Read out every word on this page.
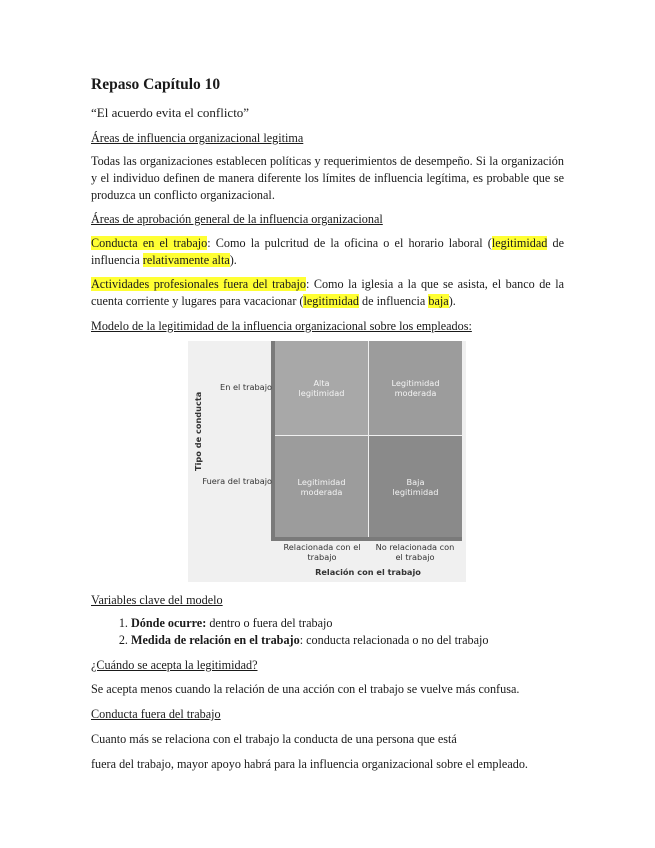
Repaso Capítulo 10
“El acuerdo evita el conflicto”
Áreas de influencia organizacional legitima
Todas las organizaciones establecen políticas y requerimientos de desempeño. Si la organización y el individuo definen de manera diferente los límites de influencia legítima, es probable que se produzca un conflicto organizacional.
Áreas de aprobación general de la influencia organizacional
Conducta en el trabajo: Como la pulcritud de la oficina o el horario laboral (legitimidad de influencia relativamente alta).
Actividades profesionales fuera del trabajo: Como la iglesia a la que se asista, el banco de la cuenta corriente y lugares para vacacionar (legitimidad de influencia baja).
Modelo de la legitimidad de la influencia organizacional sobre los empleados:
Alta legitimidad
Legitimidad moderada
Legitimidad moderada
Baja legitimidad
Tipo de conducta
En el trabajo
Fuera del trabajo
Relacionada con el trabajo
No relacionada con el trabajo
Relación con el trabajo
Variables clave del modelo
1. Dónde ocurre: dentro o fuera del trabajo
2. Medida de relación en el trabajo: conducta relacionada o no del trabajo
¿Cuándo se acepta la legitimidad?
Se acepta menos cuando la relación de una acción con el trabajo se vuelve más confusa.
Conducta fuera del trabajo
Cuanto más se relaciona con el trabajo la conducta de una persona que está
fuera del trabajo, mayor apoyo habrá para la influencia organizacional sobre el empleado.
